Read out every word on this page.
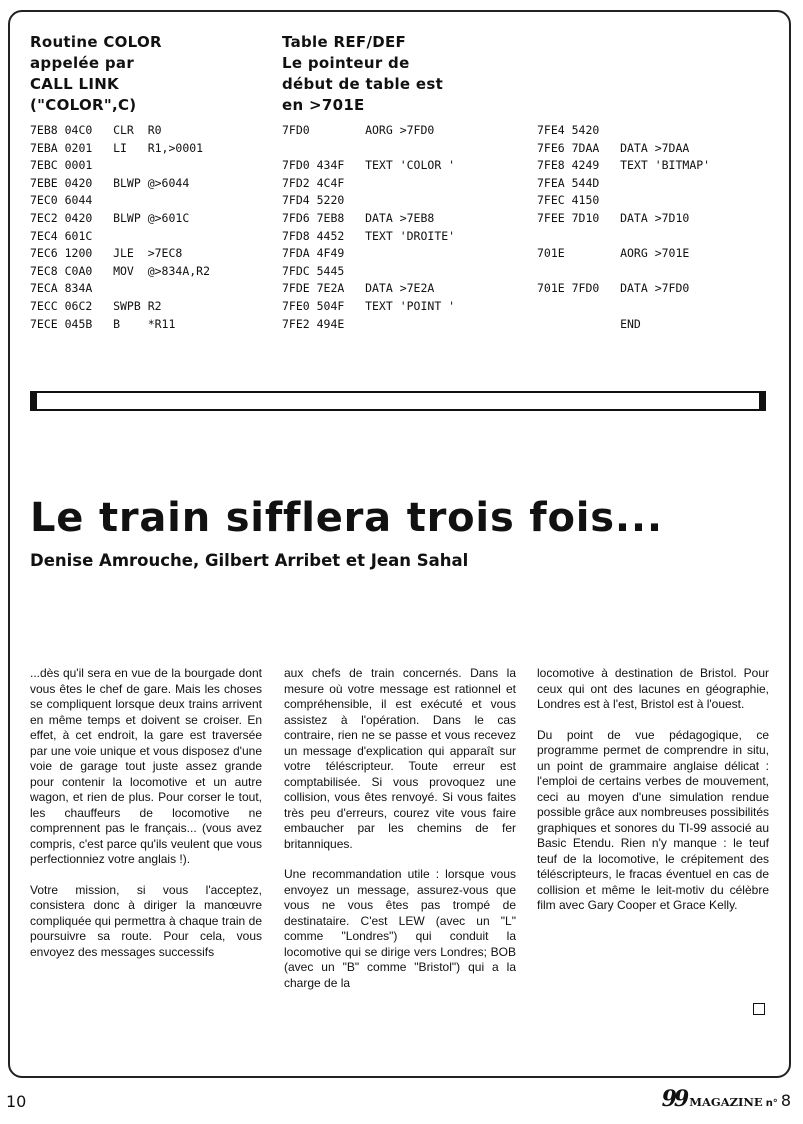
Routine COLOR
appelée par
CALL LINK
("COLOR",C)
Table REF/DEF
Le pointeur de
début de table est
en >701E
7EB8 04C0   CLR  R0
7EBA 0201   LI   R1,>0001
7EBC 0001
7EBE 0420   BLWP @>6044
7EC0 6044
7EC2 0420   BLWP @>601C
7EC4 601C
7EC6 1200   JLE  >7EC8
7EC8 C0A0   MOV  @>834A,R2
7ECA 834A
7ECC 06C2   SWPB R2
7ECE 045B   B    *R11
7FD0        AORG >7FD0
7FD0 434F   TEXT 'COLOR '
7FD2 4C4F
7FD4 5220
7FD6 7EB8   DATA >7EB8
7FD8 4452   TEXT 'DROITE'
7FDA 4F49
7FDC 5445
7FDE 7E2A   DATA >7E2A
7FE0 504F   TEXT 'POINT '
7FE2 494E
7FE4 5420
7FE6 7DAA   DATA >7DAA
7FE8 4249   TEXT 'BITMAP'
7FEA 544D
7FEC 4150
7FEE 7D10   DATA >7D10
701E        AORG >701E
701E 7FD0   DATA >7FD0
END
Le train sifflera trois fois...
Denise Amrouche, Gilbert Arribet et Jean Sahal

...dès qu'il sera en vue de la bourgade dont vous êtes le chef de gare. Mais les choses se compliquent lorsque deux trains arrivent en même temps et doivent se croiser. En effet, à cet endroit, la gare est traversée par une voie unique et vous disposez d'une voie de garage tout juste assez grande pour contenir la locomotive et un autre wagon, et rien de plus. Pour corser le tout, les chauffeurs de locomotive ne comprennent pas le français... (vous avez compris, c'est parce qu'ils veulent que vous perfectionniez votre anglais !).

Votre mission, si vous l'acceptez, consistera donc à diriger la manœuvre compliquée qui permettra à chaque train de poursuivre sa route. Pour cela, vous envoyez des messages successifs

aux chefs de train concernés. Dans la mesure où votre message est rationnel et compréhensible, il est exécuté et vous assistez à l'opération. Dans le cas contraire, rien ne se passe et vous recevez un message d'explication qui apparaît sur votre téléscripteur. Toute erreur est comptabilisée. Si vous provoquez une collision, vous êtes renvoyé. Si vous faites très peu d'erreurs, courez vite vous faire embaucher par les chemins de fer britanniques.

Une recommandation utile : lorsque vous envoyez un message, assurez-vous que vous ne vous êtes pas trompé de destinataire. C'est LEW (avec un "L" comme "Londres") qui conduit la locomotive qui se dirige vers Londres; BOB (avec un "B" comme "Bristol") qui a la charge de la

locomotive à destination de Bristol. Pour ceux qui ont des lacunes en géographie, Londres est à l'est, Bristol est à l'ouest.

Du point de vue pédagogique, ce programme permet de comprendre in situ, un point de grammaire anglaise délicat : l'emploi de certains verbes de mouvement, ceci au moyen d'une simulation rendue possible grâce aux nombreuses possibilités graphiques et sonores du TI-99 associé au Basic Etendu. Rien n'y manque : le teuf teuf de la locomotive, le crépitement des téléscripteurs, le fracas éventuel en cas de collision et même le leit-motiv du célèbre film avec Gary Cooper et Grace Kelly.

10	99 MAGAZINE n° 8
